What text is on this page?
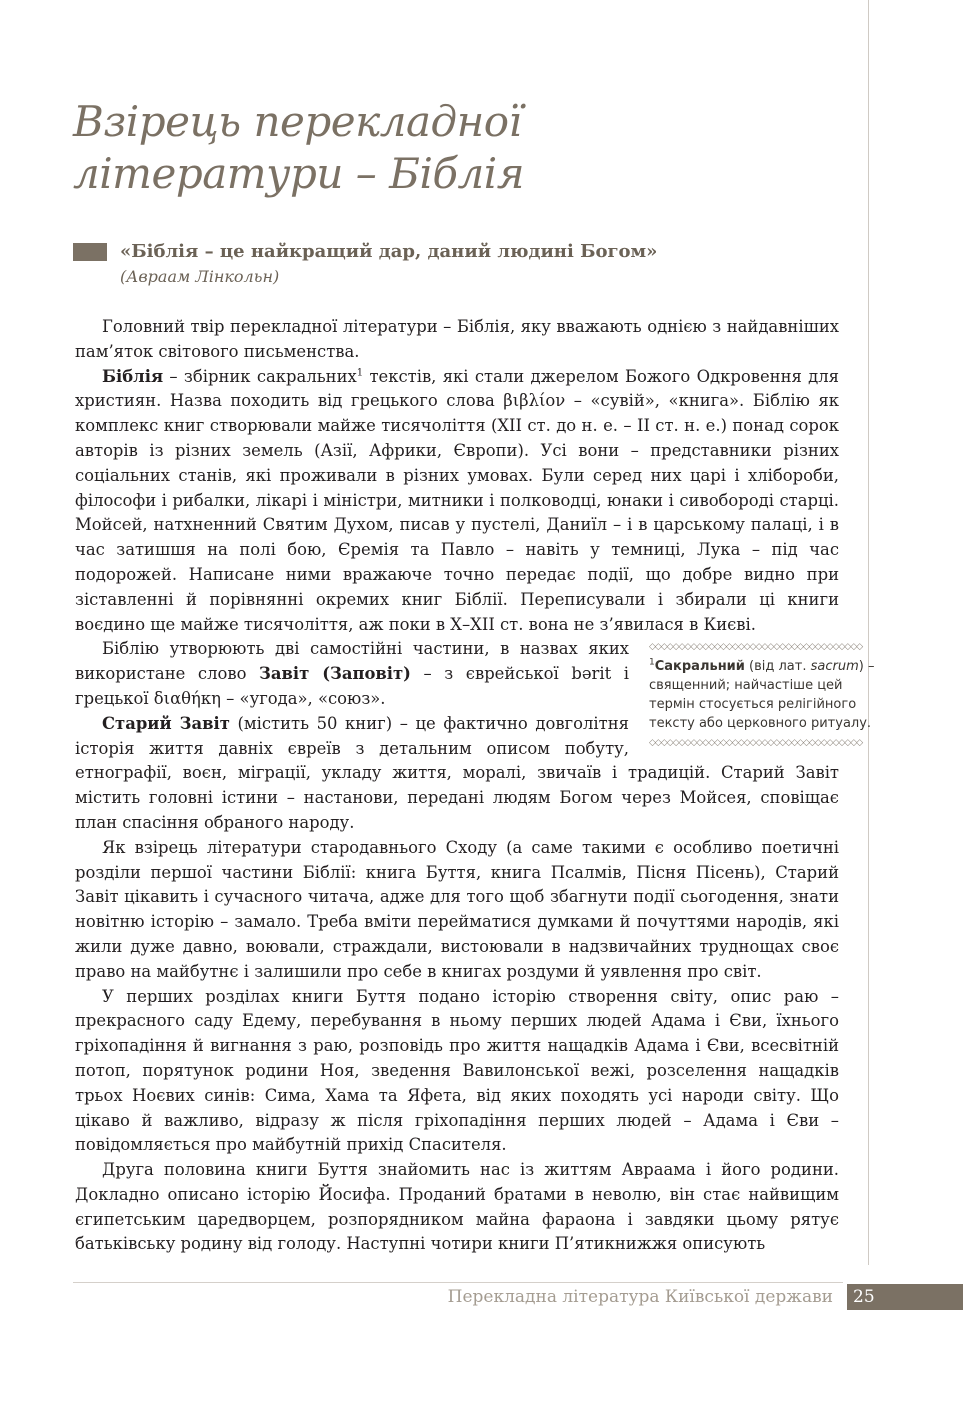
Взірець перекладної
літератури – Біблія
«Біблія – це найкращий дар, даний людині Богом»
(Авраам Лінкольн)

Головний твір перекладної літератури – Біблія, яку вважають однією з найдавніших пам’яток світового письменства.

Біблія – збірник сакральних$^1$ текстів, які стали джерелом Божого Одкровення для християн. Назва походить від грецького слова βιβλίον – «сувій», «книга». Біблію як комплекс книг створювали майже тисячоліття (XII ст. до н. е. – II ст. н. е.) понад сорок авторів із різних земель (Азії, Африки, Європи). Усі вони – представники різних соціальних станів, які проживали в різних умовах. Були серед них царі і хлібороби, філософи і рибалки, лікарі і міністри, митники і полководці, юнаки і сивобороді старці. Мойсей, натхненний Святим Духом, писав у пустелі, Даниїл – і в царському палаці, і в час затишшя на полі бою, Єремія та Павло – навіть у темниці, Лука – під час подорожей. Написане ними вражаюче точно передає події, що добре видно при зіставленні й порівнянні окремих книг Біблії. Переписували і збирали ці книги воєдино ще майже тисячоліття, аж поки в X–XII ст. вона не з’явилася в Києві.

◇◇◇◇◇◇◇◇◇◇◇◇◇◇◇◇◇◇◇◇◇◇◇◇◇◇◇◇◇◇◇◇◇◇◇◇
$^1$Сакральний (від лат. sacrum) – священний; найчастіше цей термін стосується релігійного тексту або церковного ритуалу.
◇◇◇◇◇◇◇◇◇◇◇◇◇◇◇◇◇◇◇◇◇◇◇◇◇◇◇◇◇◇◇◇◇◇◇◇

Біблію утворюють дві самостійні частини, в назвах яких використане слово Завіт (Заповіт) – з єврейської bərit і грецької διαθήκη – «угода», «союз».

Старий Завіт (містить 50 книг) – це фактично довголітня історія життя давніх євреїв з детальним описом побуту, етнографії, воєн, міграції, укладу життя, моралі, звичаїв і традицій. Старий Завіт містить головні істини – настанови, передані людям Богом через Мойсея, сповіщає план спасіння обраного народу.

Як взірець літератури стародавнього Сходу (а саме такими є особливо поетичні розділи першої частини Біблії: книга Буття, книга Псалмів, Пісня Пісень), Старий Завіт цікавить і сучасного читача, адже для того щоб збагнути події сьогодення, знати новітню історію – замало. Треба вміти перейматися думками й почуттями народів, які жили дуже давно, воювали, страждали, вистоювали в надзвичайних труднощах своє право на майбутнє і залишили про себе в книгах роздуми й уявлення про світ.

У перших розділах книги Буття подано історію створення світу, опис раю – прекрасного саду Едему, перебування в ньому перших людей Адама і Єви, їхнього гріхопадіння й вигнання з раю, розповідь про життя нащадків Адама і Єви, всесвітній потоп, порятунок родини Ноя, зведення Вавилонської вежі, розселення нащадків трьох Ноєвих синів: Сима, Хама та Яфета, від яких походять усі народи світу. Що цікаво й важливо, відразу ж після гріхопадіння перших людей – Адама і Єви – повідомляється про майбутній прихід Спасителя.

Друга половина книги Буття знайомить нас із життям Авраама і його родини. Докладно описано історію Йосифа. Проданий братами в неволю, він стає найвищим єгипетським царедворцем, розпорядником майна фараона і завдяки цьому рятує батьківську родину від голоду. Наступні чотири книги П’ятикнижжя описують

Перекладна література Київської держави	25
